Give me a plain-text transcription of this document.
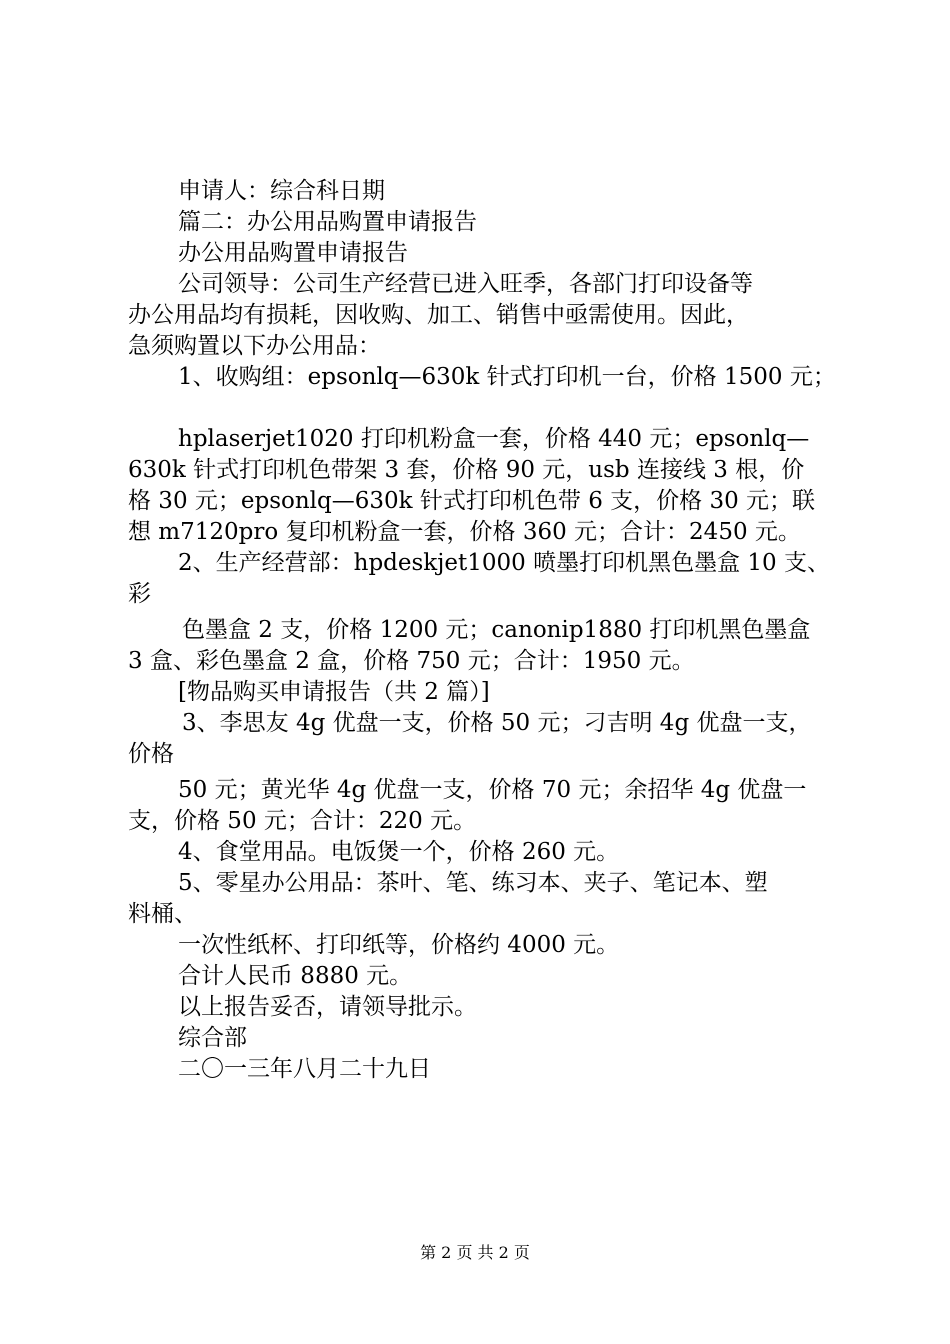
申请人：综合科日期
篇二：办公用品购置申请报告
办公用品购置申请报告
公司领导：公司生产经营已进入旺季，各部门打印设备等
办公用品均有损耗，因收购、加工、销售中亟需使用。因此，
急须购置以下办公用品：
1、收购组：epsonlq—630k 针式打印机一台，价格 1500 元；
hplaserjet1020 打印机粉盒一套，价格 440 元；epsonlq—
630k 针式打印机色带架 3 套，价格 90 元，usb 连接线 3 根，价
格 30 元；epsonlq—630k 针式打印机色带 6 支，价格 30 元；联
想 m7120pro 复印机粉盒一套，价格 360 元；合计：2450 元。
2、生产经营部：hpdeskjet1000 喷墨打印机黑色墨盒 10 支、
彩
色墨盒 2 支，价格 1200 元；canonip1880 打印机黑色墨盒
3 盒、彩色墨盒 2 盒，价格 750 元；合计：1950 元。
[物品购买申请报告（共 2 篇）]
3、李思友 4g 优盘一支，价格 50 元；刁吉明 4g 优盘一支，
价格
50 元；黄光华 4g 优盘一支，价格 70 元；余招华 4g 优盘一
支，价格 50 元；合计：220 元。
4、食堂用品。电饭煲一个，价格 260 元。
5、零星办公用品：茶叶、笔、练习本、夹子、笔记本、塑
料桶、
一次性纸杯、打印纸等，价格约 4000 元。
合计人民币 8880 元。
以上报告妥否，请领导批示。
综合部
二〇一三年八月二十九日
第 2 页 共 2 页
